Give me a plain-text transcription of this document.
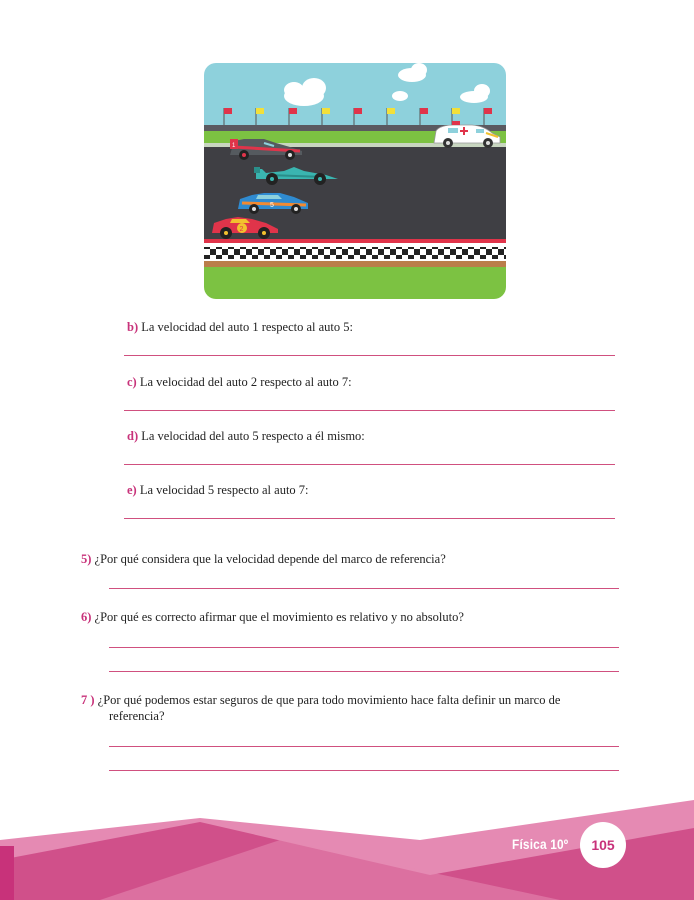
1
5
2
b) La velocidad del auto 1 respecto al auto 5:
c) La velocidad del auto 2 respecto al auto 7:
d) La velocidad del auto 5 respecto a él mismo:
e) La velocidad 5 respecto al auto 7:
5) ¿Por qué considera que la velocidad depende del marco de referencia?
6) ¿Por qué es correcto afirmar que el movimiento es relativo y no absoluto?
7 ) ¿Por qué podemos estar seguros de que para todo movimiento hace falta definir un marco de
referencia?
Física 10º	105
